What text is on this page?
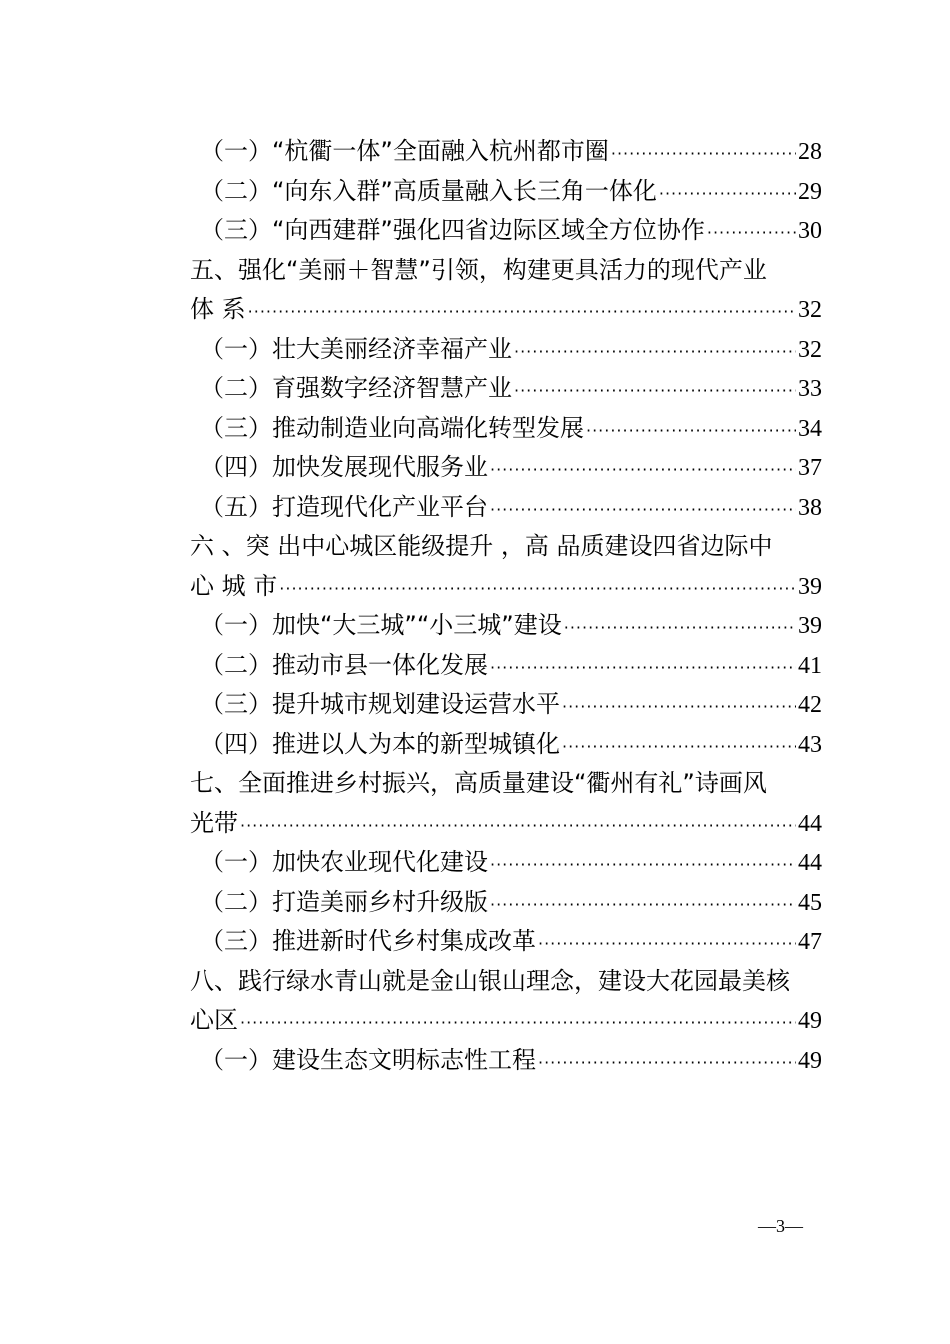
（一）“杭衢一体”全面融入杭州都市圈 ·····	28
（二）“向东入群”高质量融入长三角一体化 ·····	29
（三）“向西建群”强化四省边际区域全方位协作 ·····	30
五、强化“美丽＋智慧”引领，构建更具活力的现代产业
体 系 ·····	32
（一）壮大美丽经济幸福产业 ·····	32
（二）育强数字经济智慧产业 ·····	33
（三）推动制造业向高端化转型发展 ·····	34
（四）加快发展现代服务业 ·····	37
（五）打造现代化产业平台 ·····	38
六 、突 出中心城区能级提升 ，高 品质建设四省边际中
心 城 市 ·····	39
（一）加快“大三城”“小三城”建设 ·····	39
（二）推动市县一体化发展 ·····	41
（三）提升城市规划建设运营水平 ·····	42
（四）推进以人为本的新型城镇化 ·····	43
七、全面推进乡村振兴，高质量建设“衢州有礼”诗画风
光带 ·····	44
（一）加快农业现代化建设 ·····	44
（二）打造美丽乡村升级版 ·····	45
（三）推进新时代乡村集成改革 ·····	47
八、践行绿水青山就是金山银山理念，建设大花园最美核
心区 ·····	49
（一）建设生态文明标志性工程 ·····	49
—3—
